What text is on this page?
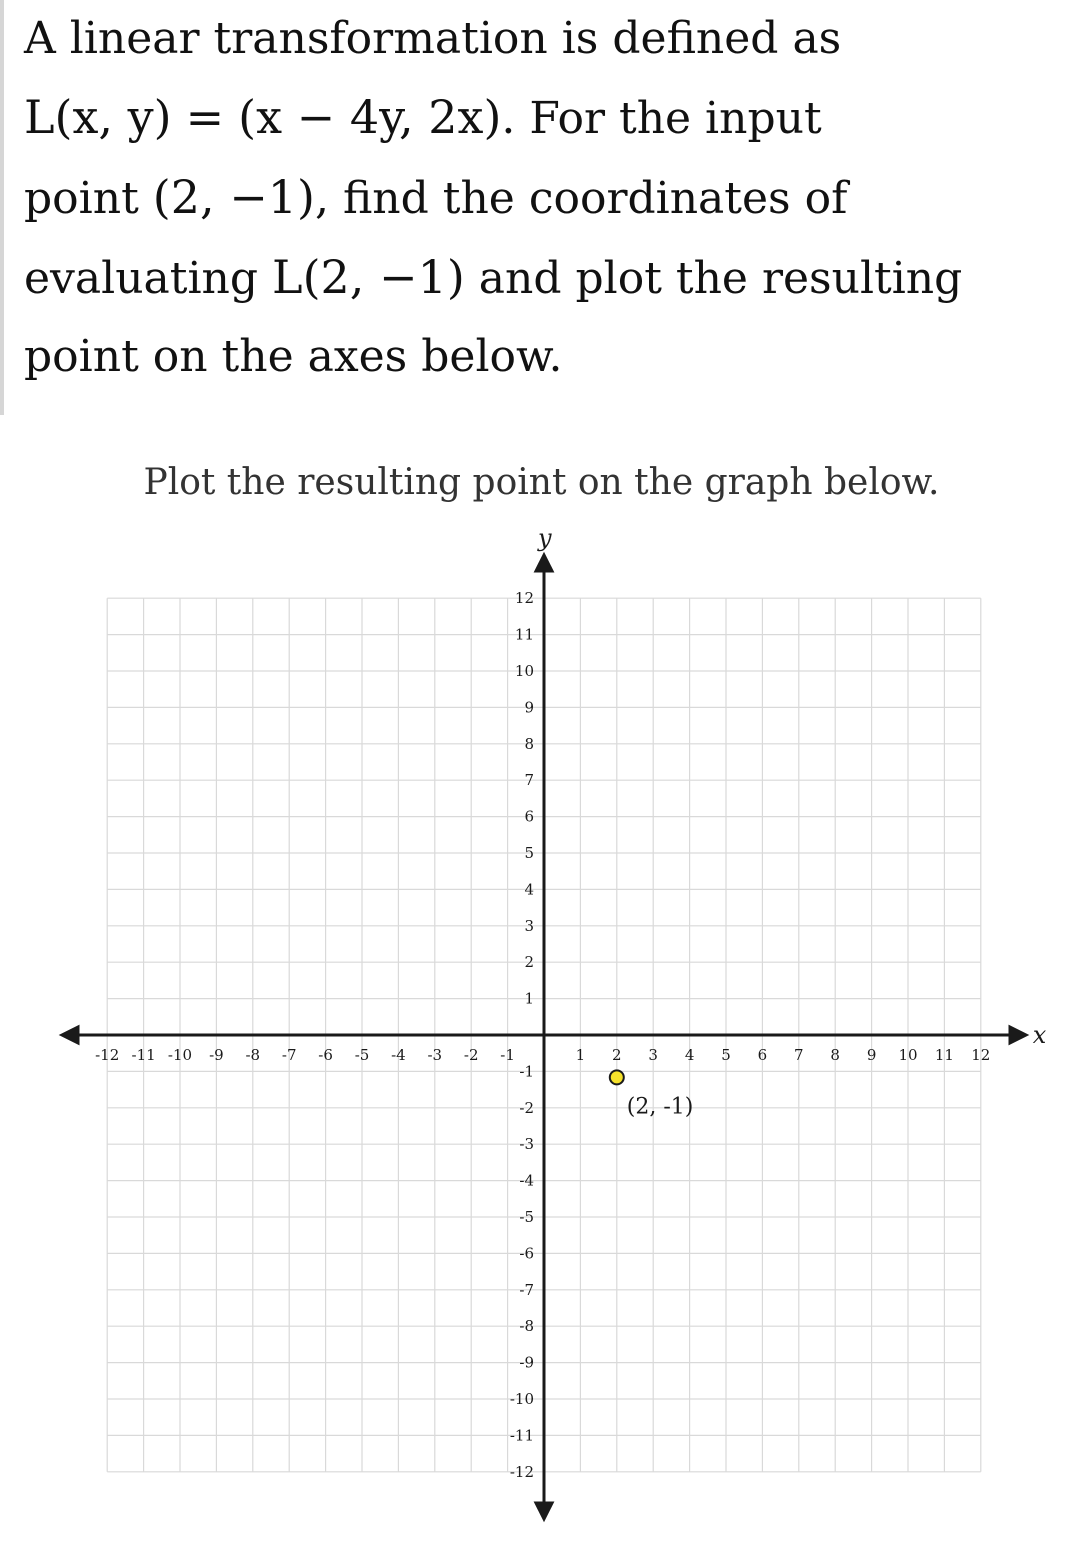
A linear transformation is defined as
L(x, y) = (x − 4y, 2x). For the input
point (2, −1), find the coordinates of
evaluating L(2, −1) and plot the resulting
point on the axes below.
Plot the resulting point on the graph below.
-12 -11 -10 -9 -8 -7 -6 -5 -4 -3 -2 -1	1 2 3 4 5 6 7 8 9 10 11 12
12
11
10
9
8
7
6
5
4
3
2
1
-1
-2
-3
-4
-5
-6
-7
-8
-9
-10
-11
-12
x
y
(2, -1)
